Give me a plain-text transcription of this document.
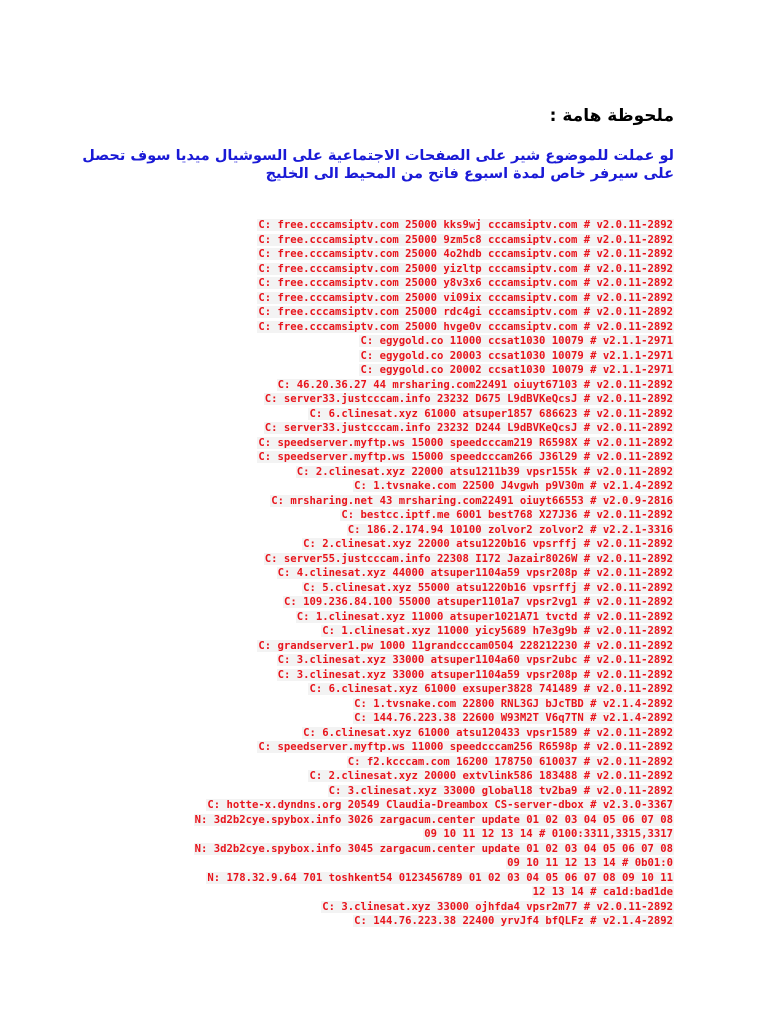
ملحوظة هامة :
لو عملت للموضوع شير على الصفحات الاجتماعية على السوشيال ميديا سوف تحصل
على سيرفر خاص لمدة اسبوع فاتح من المحيط الى الخليج
C: free.cccamsiptv.com 25000 kks9wj cccamsiptv.com # v2.0.11-2892
C: free.cccamsiptv.com 25000 9zm5c8 cccamsiptv.com # v2.0.11-2892
C: free.cccamsiptv.com 25000 4o2hdb cccamsiptv.com # v2.0.11-2892
C: free.cccamsiptv.com 25000 yizltp cccamsiptv.com # v2.0.11-2892
C: free.cccamsiptv.com 25000 y8v3x6 cccamsiptv.com # v2.0.11-2892
C: free.cccamsiptv.com 25000 vi09ix cccamsiptv.com # v2.0.11-2892
C: free.cccamsiptv.com 25000 rdc4gi cccamsiptv.com # v2.0.11-2892
C: free.cccamsiptv.com 25000 hvge0v cccamsiptv.com # v2.0.11-2892
C: egygold.co 11000 ccsat1030 10079 # v2.1.1-2971
C: egygold.co 20003 ccsat1030 10079 # v2.1.1-2971
C: egygold.co 20002 ccsat1030 10079 # v2.1.1-2971
C: 46.20.36.27 44 mrsharing.com22491 oiuyt67103 # v2.0.11-2892
C: server33.justcccam.info 23232 D675 L9dBVKeQcsJ # v2.0.11-2892
C: 6.clinesat.xyz 61000 atsuper1857 686623 # v2.0.11-2892
C: server33.justcccam.info 23232 D244 L9dBVKeQcsJ # v2.0.11-2892
C: speedserver.myftp.ws 15000 speedcccam219 R6598X # v2.0.11-2892
C: speedserver.myftp.ws 15000 speedcccam266 J36l29 # v2.0.11-2892
C: 2.clinesat.xyz 22000 atsu1211b39 vpsr155k # v2.0.11-2892
C: 1.tvsnake.com 22500 J4vgwh p9V30m # v2.1.4-2892
C: mrsharing.net 43 mrsharing.com22491 oiuyt66553 # v2.0.9-2816
C: bestcc.iptf.me 6001 best768 X27J36 # v2.0.11-2892
C: 186.2.174.94 10100 zolvor2 zolvor2 # v2.2.1-3316
C: 2.clinesat.xyz 22000 atsu1220b16 vpsrffj # v2.0.11-2892
C: server55.justcccam.info 22308 I172 Jazair8026W # v2.0.11-2892
C: 4.clinesat.xyz 44000 atsuper1104a59 vpsr208p # v2.0.11-2892
C: 5.clinesat.xyz 55000 atsu1220b16 vpsrffj # v2.0.11-2892
C: 109.236.84.100 55000 atsuper1101a7 vpsr2vg1 # v2.0.11-2892
C: 1.clinesat.xyz 11000 atsuper1021A71 tvctd # v2.0.11-2892
C: 1.clinesat.xyz 11000 yicy5689 h7e3g9b # v2.0.11-2892
C: grandserver1.pw 1000 11grandcccam0504 228212230 # v2.0.11-2892
C: 3.clinesat.xyz 33000 atsuper1104a60 vpsr2ubc # v2.0.11-2892
C: 3.clinesat.xyz 33000 atsuper1104a59 vpsr208p # v2.0.11-2892
C: 6.clinesat.xyz 61000 exsuper3828 741489 # v2.0.11-2892
C: 1.tvsnake.com 22800 RNL3GJ bJcTBD # v2.1.4-2892
C: 144.76.223.38 22600 W93M2T V6q7TN # v2.1.4-2892
C: 6.clinesat.xyz 61000 atsu120433 vpsr1589 # v2.0.11-2892
C: speedserver.myftp.ws 11000 speedcccam256 R6598p # v2.0.11-2892
C: f2.kcccam.com 16200 178750 610037 # v2.0.11-2892
C: 2.clinesat.xyz 20000 extvlink586 183488 # v2.0.11-2892
C: 3.clinesat.xyz 33000 global18 tv2ba9 # v2.0.11-2892
C: hotte-x.dyndns.org 20549 Claudia-Dreambox CS-server-dbox # v2.3.0-3367
N: 3d2b2cye.spybox.info 3026 zargacum.center update 01 02 03 04 05 06 07 08
09 10 11 12 13 14 # 0100:3311,3315,3317
N: 3d2b2cye.spybox.info 3045 zargacum.center update 01 02 03 04 05 06 07 08
09 10 11 12 13 14 # 0b01:0
N: 178.32.9.64 701 toshkent54 0123456789 01 02 03 04 05 06 07 08 09 10 11
12 13 14 # ca1d:bad1de
C: 3.clinesat.xyz 33000 ojhfda4 vpsr2m77 # v2.0.11-2892
C: 144.76.223.38 22400 yrvJf4 bfQLFz # v2.1.4-2892
